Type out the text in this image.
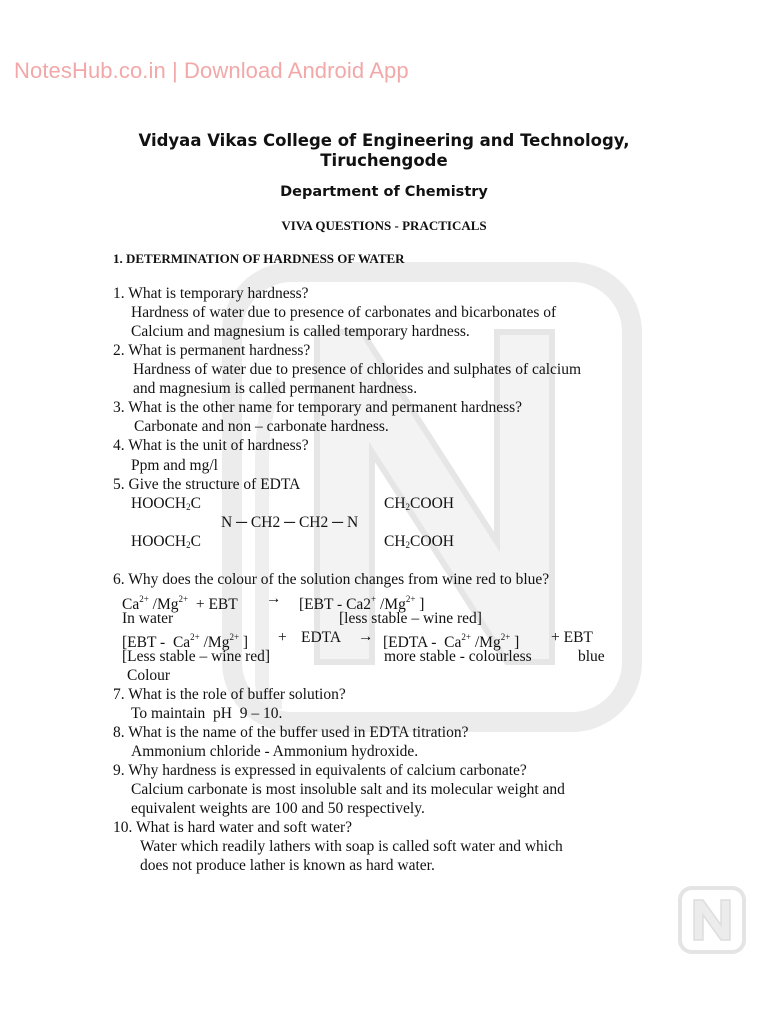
NotesHub.co.in | Download Android App
Vidyaa Vikas College of Engineering and Technology,
Tiruchengode
Department of Chemistry
VIVA QUESTIONS - PRACTICALS
1. DETERMINATION OF HARDNESS OF WATER
1. What is temporary hardness?
Hardness of water due to presence of carbonates and bicarbonates of
Calcium and magnesium is called temporary hardness.
2. What is permanent hardness?
Hardness of water due to presence of chlorides and sulphates of calcium
and magnesium is called permanent hardness.
3. What is the other name for temporary and permanent hardness?
Carbonate and non – carbonate hardness.
4. What is the unit of hardness?
Ppm and mg/l
5. Give the structure of EDTA
$HOOCH_2C$	$CH_2COOH$
N ─ CH2 ─ CH2 ─ N
$HOOCH_2C$	$CH_2COOH$
6. Why does the colour of the solution changes from wine red to blue?
$Ca^{2+}$ $/Mg^{2+}$  + EBT → [EBT - Ca2+ $/Mg^{2+}$ ]
In water	[less stable – wine red]
[$EBT - Ca^{2+}$ $/Mg^{2+}$ ] + EDTA → [EDTA -  $Ca^{2+}$ $/Mg^{2+}$ ] + EBT
[Less stable – wine red]	more stable - colourless	blue
Colour
7. What is the role of buffer solution?
To maintain  pH  9 – 10.
8. What is the name of the buffer used in EDTA titration?
Ammonium chloride - Ammonium hydroxide.
9. Why hardness is expressed in equivalents of calcium carbonate?
Calcium carbonate is most insoluble salt and its molecular weight and
equivalent weights are 100 and 50 respectively.
10. What is hard water and soft water?
Water which readily lathers with soap is called soft water and which
does not produce lather is known as hard water.
